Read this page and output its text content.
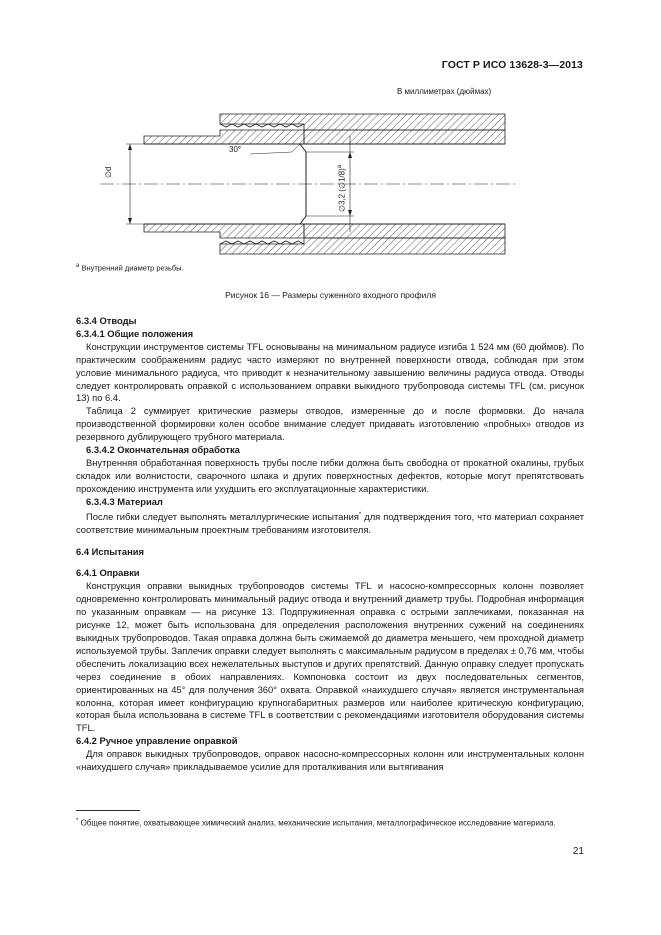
ГОСТ Р ИСО 13628-3—2013
В миллиметрах (дюймах)
30°
∅d	∅3,2 (∅1/8)$^a$
$^a$ Внутренний диаметр резьбы.
Рисунок 16 — Размеры суженного входного профиля

6.3.4 Отводы

6.3.4.1 Общие положения

Конструкции инструментов системы TFL основываны на минимальном радиусе изгиба 1 524 мм (60 дюймов). По практическим соображениям радиус часто измеряют по внутренней поверхности отвода, соблюдая при этом условие минимального радиуса, что приводит к незначительному завышению величины радиуса отвода. Отводы следует контролировать оправкой с использованием оправки выкидного трубопровода системы TFL (см. рисунок 13) по 6.4.

Таблица 2 суммирует критические размеры отводов, измеренные до и после формовки. До начала производственной формировки колен особое внимание следует придавать изготовлению «пробных» отводов из резервного дублирующего трубного материала.

6.3.4.2 Окончательная обработка

Внутренняя обработанная поверхность трубы после гибки должна быть свободна от прокатной окалины, грубых складок или волнистости, сварочного шлака и других поверхностных дефектов, которые могут препятствовать прохождению инструмента или ухудшить его эксплуатационные характеристики.

6.3.4.3 Материал

После гибки следует выполнять металлургические испытания* для подтверждения того, что материал сохраняет соответствие минимальным проектным требованиям изготовителя.

6.4 Испытания

6.4.1 Оправки

Конструкция оправки выкидных трубопроводов системы TFL и насосно-компрессорных колонн позволяет одновременно контролировать минимальный радиус отвода и внутренний диаметр трубы. Подробная информация по указанным оправкам — на рисунке 13. Подпружиненная оправка с острыми заплечиками, показанная на рисунке 12, может быть использована для определения расположения внутренних сужений на соединениях выкидных трубопроводов. Такая оправка должна быть сжимаемой до диаметра меньшего, чем проходной диаметр используемой трубы. Заплечик оправки следует выполнять с максимальным радиусом в пределах ± 0,76 мм, чтобы обеспечить локализацию всех нежелательных выступов и других препятствий. Данную оправку следует пропускать через соединение в обоих направлениях. Компоновка состоит из двух последовательных сегментов, ориентированных на 45° для получения 360° охвата. Оправкой «наихудшего случая» является инструментальная колонна, которая имеет конфигурацию крупногабаритных размеров или наиболее критическую конфигурацию, которая была использована в системе TFL в соответствии с рекомендациями изготовителя оборудования системы TFL.

6.4.2 Ручное управление оправкой

Для оправок выкидных трубопроводов, оправок насосно-компрессорных колонн или инструментальных колонн «наихудшего случая» прикладываемое усилие для проталкивания или вытягивания

* Общее понятие, охватывающее химический анализ, механические испытания, металлографическое исследование материала.
21
